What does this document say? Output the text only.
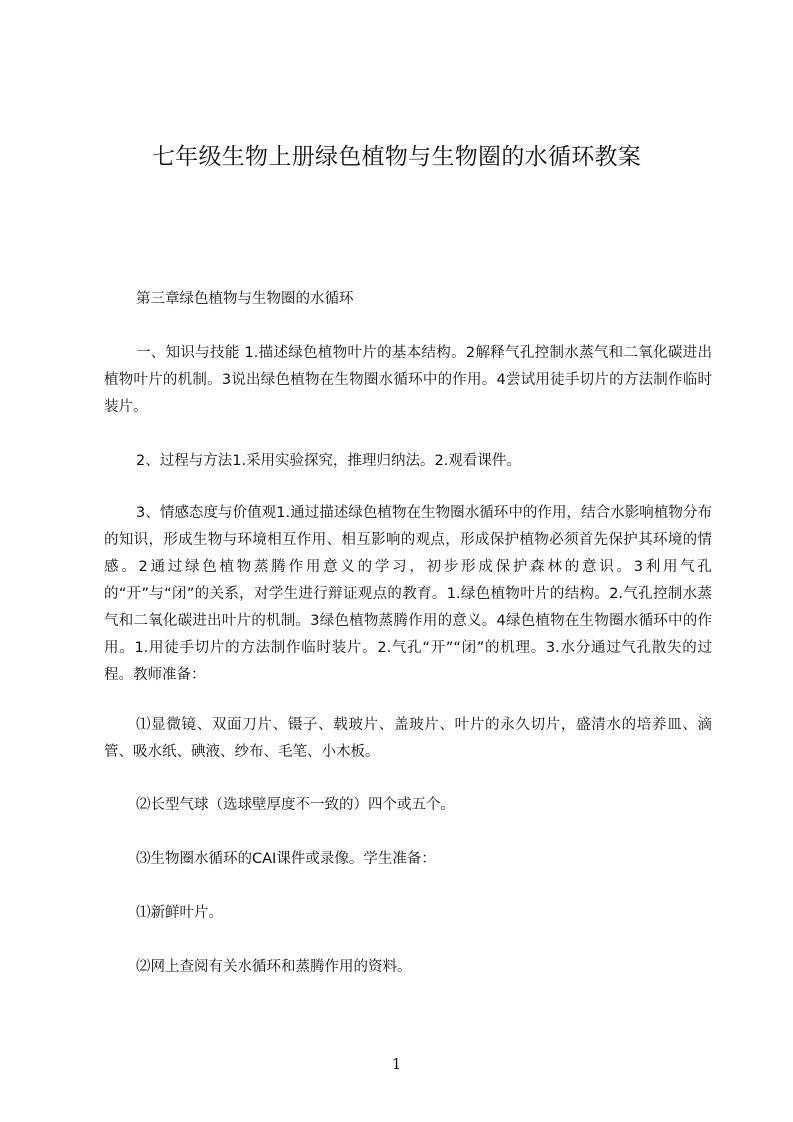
七年级生物上册绿色植物与生物圈的水循环教案
第三章绿色植物与生物圈的水循环
一、知识与技能 1.描述绿色植物叶片的基本结构。2解释气孔控制水蒸气和二氧化碳进出植物叶片的机制。3说出绿色植物在生物圈水循环中的作用。4尝试用徒手切片的方法制作临时装片。
2、过程与方法1.采用实验探究，推理归纳法。2.观看课件。
3、情感态度与价值观1.通过描述绿色植物在生物圈水循环中的作用，结合水影响植物分布的知识，形成生物与环境相互作用、相互影响的观点，形成保护植物必须首先保护其环境的情感。2通过绿色植物蒸腾作用意义的学习，初步形成保护森林的意识。3利用气孔的“开”与“闭”的关系，对学生进行辩证观点的教育。1.绿色植物叶片的结构。2.气孔控制水蒸气和二氧化碳进出叶片的机制。3绿色植物蒸腾作用的意义。4绿色植物在生物圈水循环中的作用。1.用徒手切片的方法制作临时装片。2.气孔“开”“闭”的机理。3.水分通过气孔散失的过程。教师准备：
⑴显微镜、双面刀片、镊子、载玻片、盖玻片、叶片的永久切片，盛清水的培养皿、滴管、吸水纸、碘液、纱布、毛笔、小木板。
⑵长型气球（选球壁厚度不一致的）四个或五个。
⑶生物圈水循环的CAI课件或录像。学生准备：
⑴新鲜叶片。
⑵网上查阅有关水循环和蒸腾作用的资料。
1
